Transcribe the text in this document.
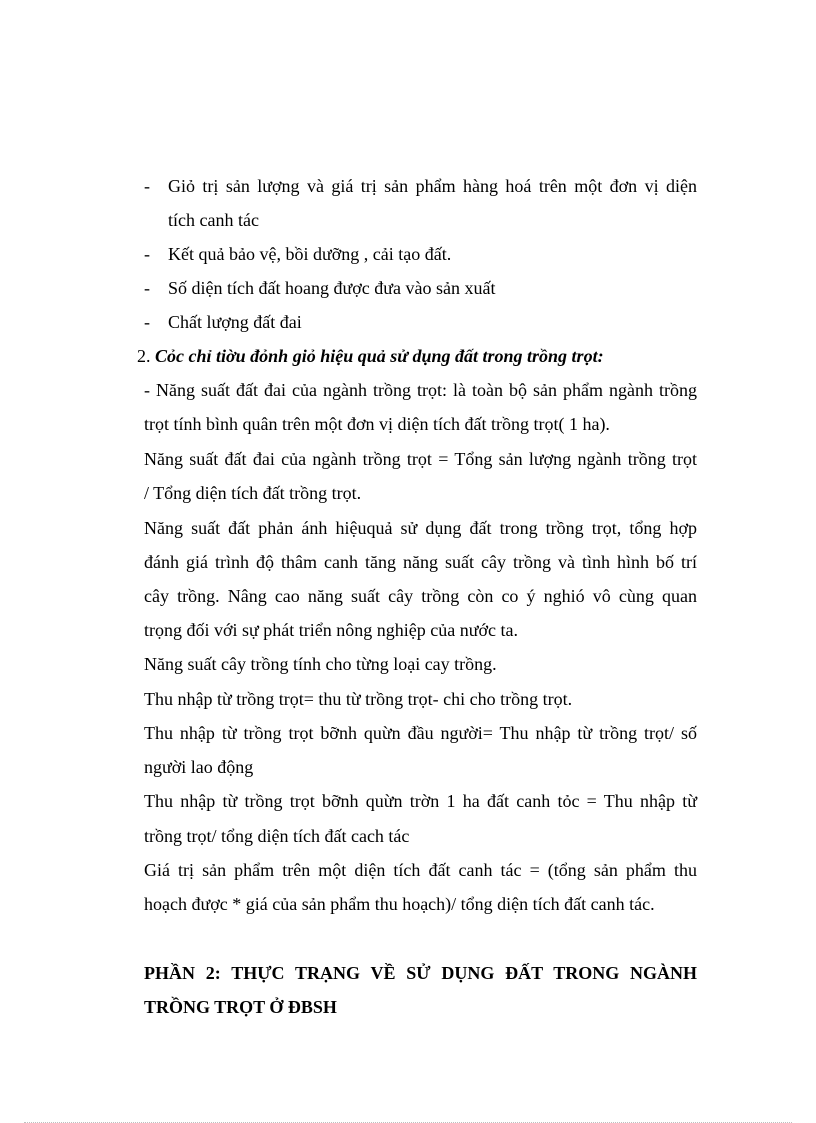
- Giỏ trị sản lượng và giá trị sản phẩm hàng hoá trên một đơn vị diện
tích canh tác
- Kết quả bảo vệ, bồi dưỡng , cải tạo đất.
- Số diện tích đất hoang được đưa vào sản xuất
- Chất lượng đất đai
2. Cỏc chỉ tiờu đỏnh giỏ hiệu quả sử dụng đất trong trồng trọt:
- Năng suất đất đai của ngành trồng trọt: là toàn bộ sản phẩm ngành trồng
trọt tính bình quân trên một đơn vị diện tích đất trồng trọt( 1 ha).
Năng suất đất đai của ngành trồng trọt = Tổng sản lượng ngành trồng trọt
/ Tổng diện tích đất trồng trọt.
Năng suất đất phản ánh hiệuquả sử dụng đất trong trồng trọt, tổng hợp
đánh giá trình độ thâm canh tăng năng suất cây trồng và tình hình bố trí
cây trồng. Nâng cao năng suất cây trồng còn co ý nghió vô cùng quan
trọng đối với sự phát triển nông nghiệp của nước ta.
Năng suất cây trồng tính cho từng loại cay trồng.
Thu nhập từ trồng trọt= thu từ trồng trọt- chi cho trồng trọt.
Thu nhập từ trồng trọt bỡnh quừn đầu người= Thu nhập từ trồng trọt/ số
người lao động
Thu nhập từ trồng trọt bỡnh quừn trờn 1 ha đất canh tỏc = Thu nhập từ
trồng trọt/ tổng diện tích đất cach tác
Giá trị sản phẩm trên một diện tích đất canh tác = (tổng sản phẩm thu
hoạch được * giá của sản phẩm thu hoạch)/ tổng diện tích đất canh tác.
PHẦN 2: THỰC TRẠNG VỀ SỬ DỤNG ĐẤT TRONG NGÀNH
TRỒNG TRỌT Ở ĐBSH
